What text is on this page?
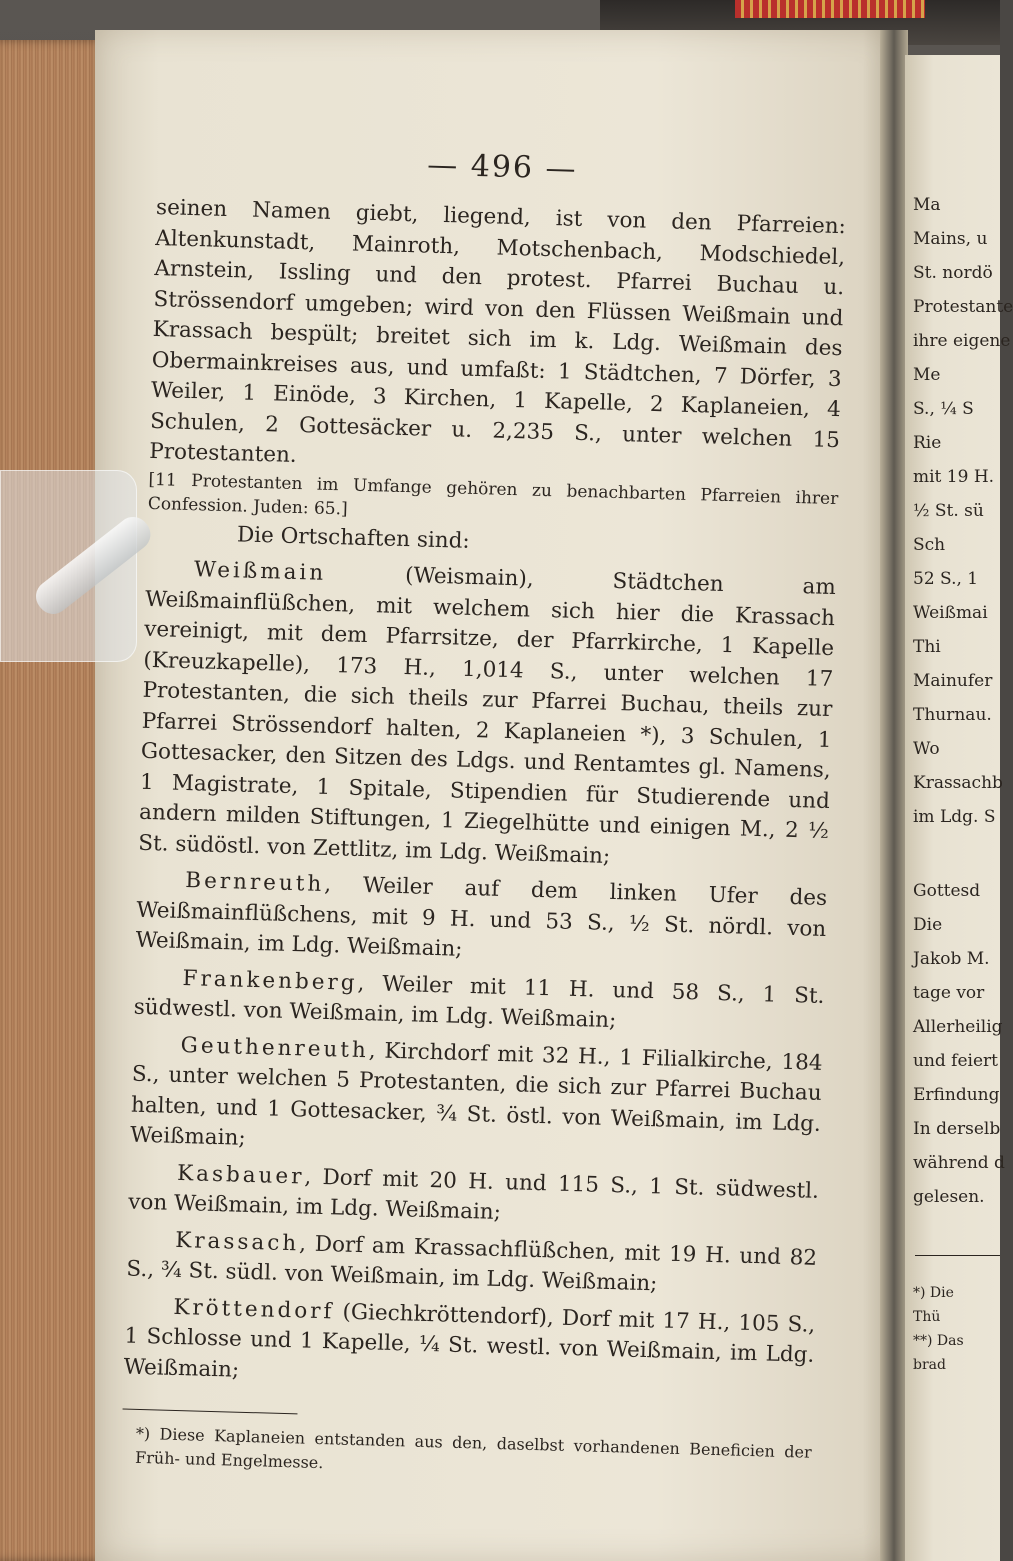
Ma
Mains, u
St. nordö
Protestante
ihre eigene
Me
S., ¼ S
Rie
mit 19 H.
½ St. sü
Sch
52 S., 1
Weißmai
Thi
Mainufer
Thurnau.
Wo
Krassachb
im Ldg. S
Gottesd
Die
Jakob M.
tage vor
Allerheilig
und feiert
Erfindung
In derselb
während d
gelesen.
*) Die
Thü
**) Das
brad
— 496 —

seinen Namen giebt, liegend, ist von den Pfarreien: Altenkunstadt, Mainroth, Motschenbach, Modschiedel, Arnstein, Issling und den protest. Pfarrei Buchau u. Strössendorf umgeben; wird von den Flüssen Weißmain und Krassach bespült; breitet sich im k. Ldg. Weißmain des Obermainkreises aus, und umfaßt: 1 Städtchen, 7 Dörfer, 3 Weiler, 1 Einöde, 3 Kirchen, 1 Kapelle, 2 Kaplaneien, 4 Schulen, 2 Gottesäcker u. 2,235 S., unter welchen 15 Protestanten.

[11 Protestanten im Umfange gehören zu benachbarten Pfarreien ihrer Confession. Juden: 65.]

Die Ortschaften sind:

Weißmain (Weismain), Städtchen am Weißmainflüßchen, mit welchem sich hier die Krassach vereinigt, mit dem Pfarrsitze, der Pfarrkirche, 1 Kapelle (Kreuzkapelle), 173 H., 1,014 S., unter welchen 17 Protestanten, die sich theils zur Pfarrei Buchau, theils zur Pfarrei Strössendorf halten, 2 Kaplaneien *), 3 Schulen, 1 Gottesacker, den Sitzen des Ldgs. und Rentamtes gl. Namens, 1 Magistrate, 1 Spitale, Stipendien für Studierende und andern milden Stiftungen, 1 Ziegelhütte und einigen M., 2 ½ St. südöstl. von Zettlitz, im Ldg. Weißmain;

Bernreuth, Weiler auf dem linken Ufer des Weißmainflüßchens, mit 9 H. und 53 S., ½ St. nördl. von Weißmain, im Ldg. Weißmain;

Frankenberg, Weiler mit 11 H. und 58 S., 1 St. südwestl. von Weißmain, im Ldg. Weißmain;

Geuthenreuth, Kirchdorf mit 32 H., 1 Filialkirche, 184 S., unter welchen 5 Protestanten, die sich zur Pfarrei Buchau halten, und 1 Gottesacker, ¾ St. östl. von Weißmain, im Ldg. Weißmain;

Kasbauer, Dorf mit 20 H. und 115 S., 1 St. südwestl. von Weißmain, im Ldg. Weißmain;

Krassach, Dorf am Krassachflüßchen, mit 19 H. und 82 S., ¾ St. südl. von Weißmain, im Ldg. Weißmain;

Kröttendorf (Giechkröttendorf), Dorf mit 17 H., 105 S., 1 Schlosse und 1 Kapelle, ¼ St. westl. von Weißmain, im Ldg. Weißmain;

*) Diese Kaplaneien entstanden aus den, daselbst vorhandenen Beneficien der Früh- und Engelmesse.
